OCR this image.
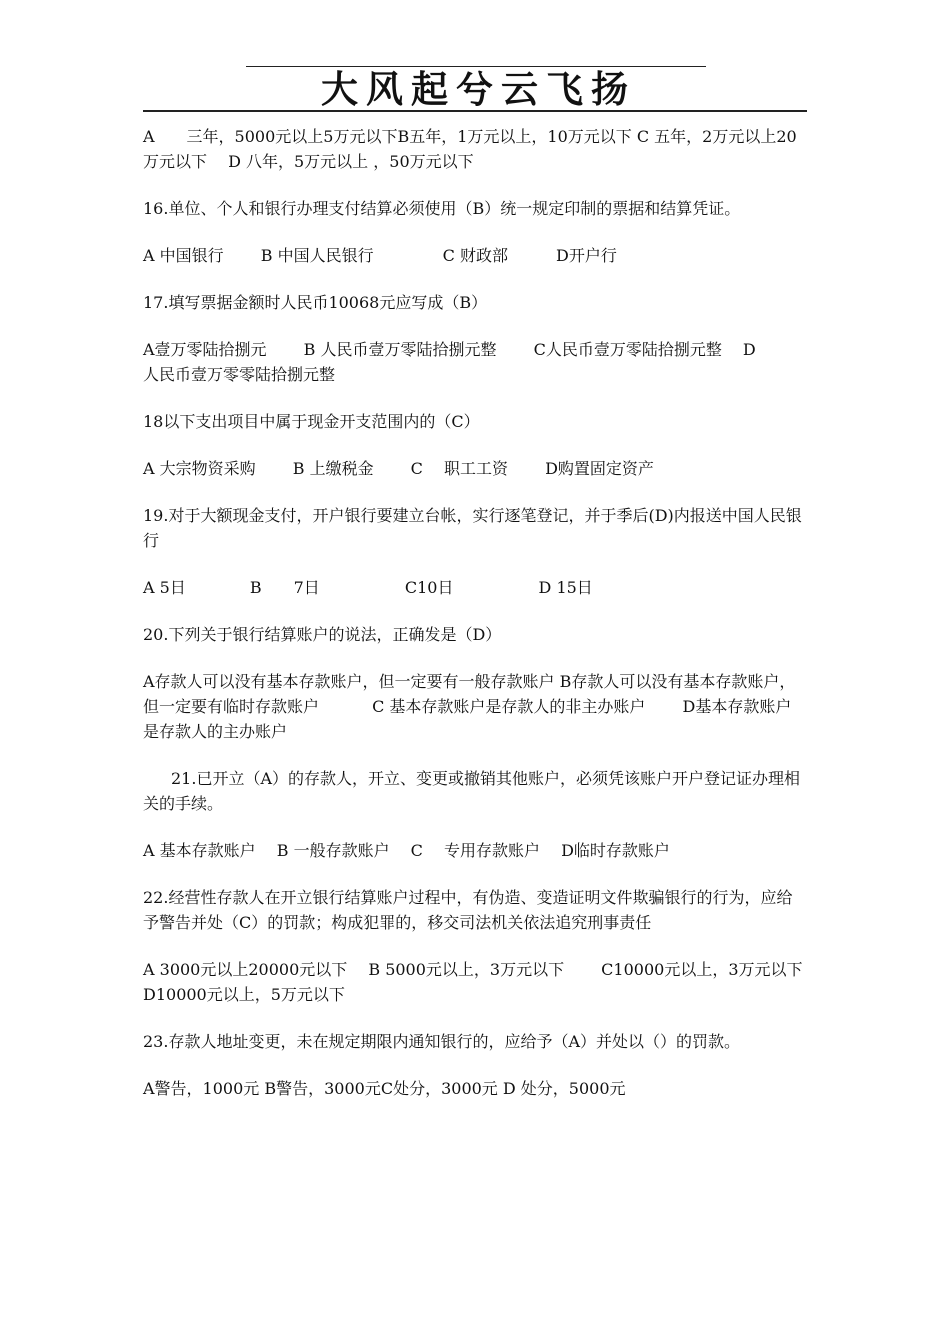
大风起兮云飞扬

A　　三年，5000元以上5万元以下B五年，1万元以上，10万元以下 C 五年，2万元以上20万元以下　 D 八年，5万元以上 ，50万元以下

16.单位、个人和银行办理支付结算必须使用（B）统一规定印制的票据和结算凭证。

A 中国银行　　 B 中国人民银行　　　　 C 财政部　　　D开户行

17.填写票据金额时人民币10068元应写成（B）

A壹万零陆拾捌元　　 B 人民币壹万零陆拾捌元整　　 C人民币壹万零陆拾捌元整　 D　　　人民币壹万零零陆拾捌元整

18以下支出项目中属于现金开支范围内的（C）

A 大宗物资采购　　 B 上缴税金　　 C　 职工工资　　 D购置固定资产

19.对于大额现金支付，开户银行要建立台帐，实行逐笔登记，并于季后(D)内报送中国人民银行

A 5日　　　　B　　7日　　　　　 C10日　　　　　 D 15日

20.下列关于银行结算账户的说法，正确发是（D）

A存款人可以没有基本存款账户，但一定要有一般存款账户 B存款人可以没有基本存款账户，但一定要有临时存款账户　　　 C 基本存款账户是存款人的非主办账户　　 D基本存款账户是存款人的主办账户

21.已开立（A）的存款人，开立、变更或撤销其他账户，必须凭该账户开户登记证办理相关的手续。

A 基本存款账户　 B 一般存款账户　 C　 专用存款账户　 D临时存款账户

22.经营性存款人在开立银行结算账户过程中，有伪造、变造证明文件欺骗银行的行为，应给予警告并处（C）的罚款；构成犯罪的，移交司法机关依法追究刑事责任

A 3000元以上20000元以下　 B 5000元以上，3万元以下　　 C10000元以上，3万元以下　 D10000元以上，5万元以下

23.存款人地址变更，未在规定期限内通知银行的，应给予（A）并处以（）的罚款。

A警告，1000元 B警告，3000元C处分，3000元 D 处分，5000元
